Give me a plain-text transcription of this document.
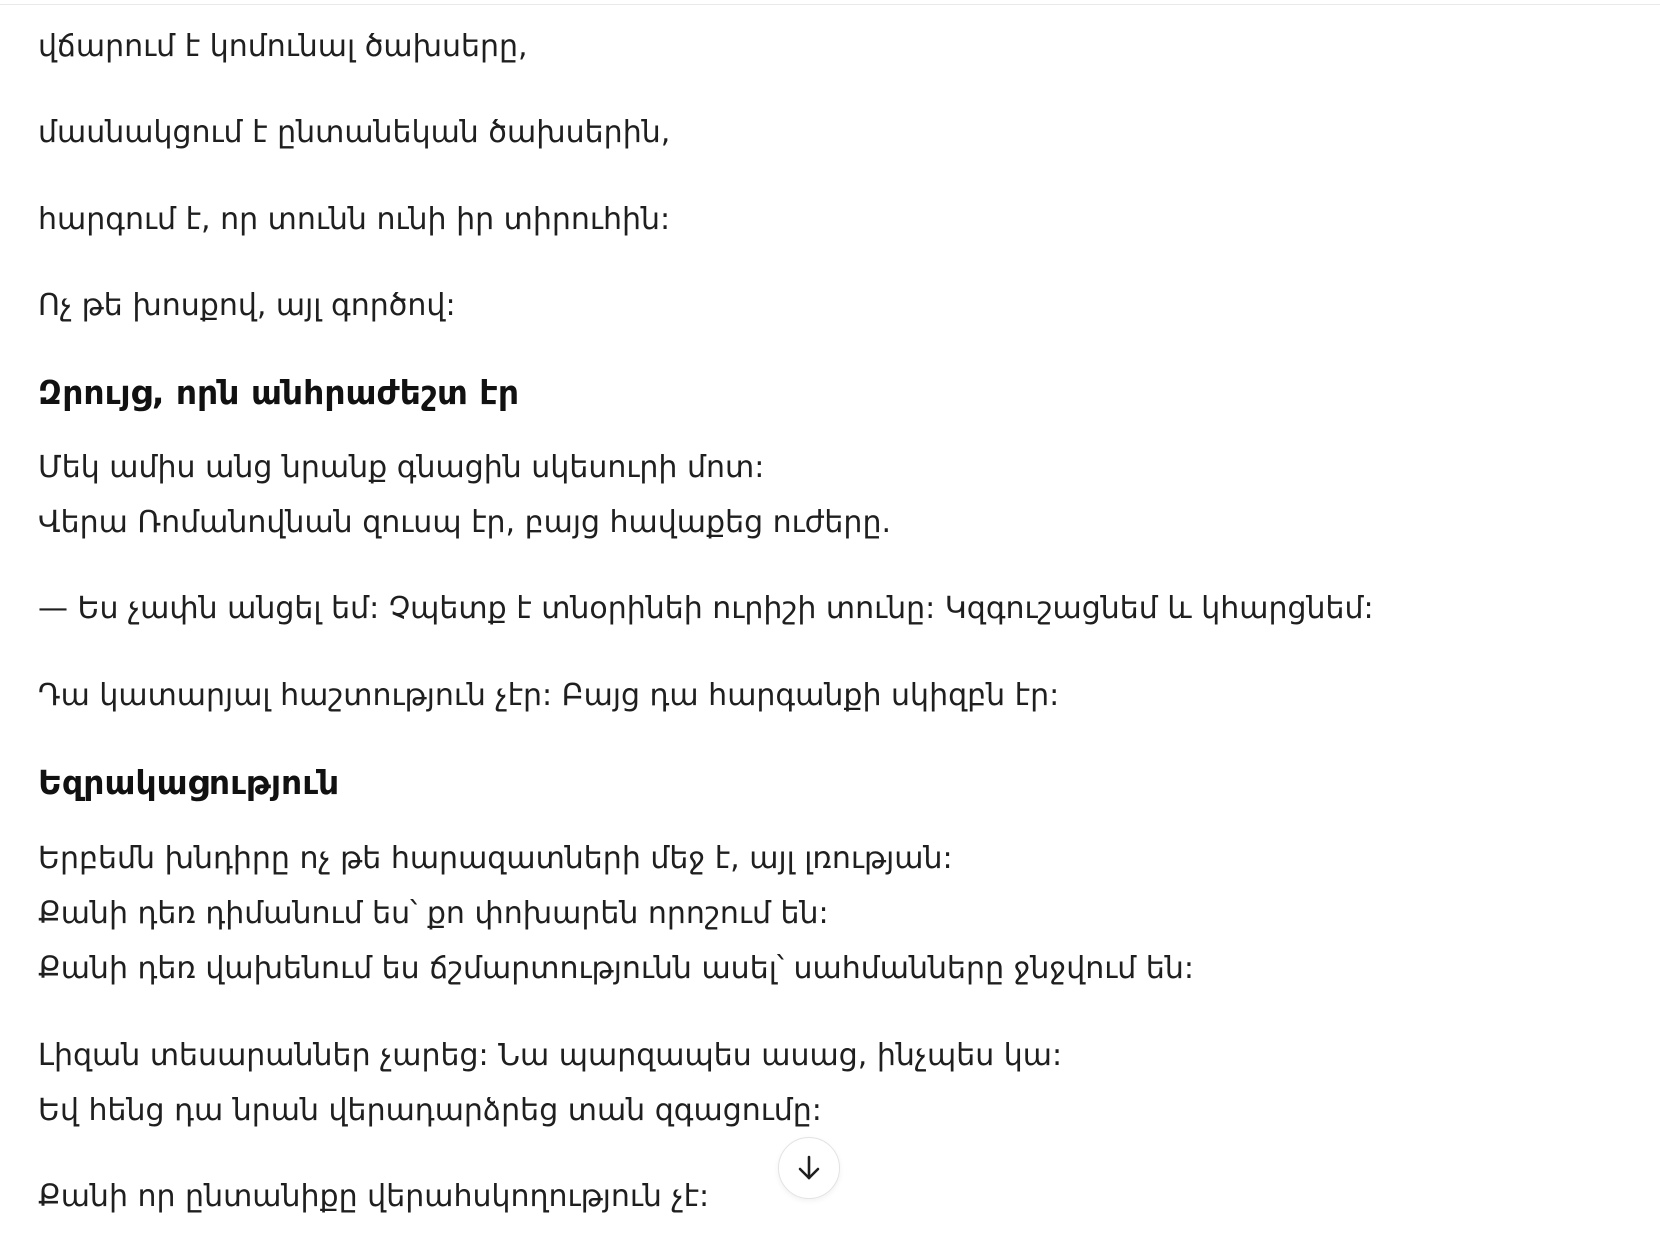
վճարում է կոմունալ ծախսերը,
մասնակցում է ընտանեկան ծախսերին,
հարգում է, որ տունն ունի իր տիրուհին:
Ոչ թե խոսքով, այլ գործով:
Զրույց, որն անհրաժեշտ էր
Մեկ ամիս անց նրանք գնացին սկեսուրի մոտ:
Վերա Ռոմանովնան զուսպ էր, բայց հավաքեց ուժերը.
— Ես չափն անցել եմ: Չպետք է տնօրինեի ուրիշի տունը: Կզգուշացնեմ և կհարցնեմ:
Դա կատարյալ հաշտություն չէր: Բայց դա հարգանքի սկիզբն էր:
Եզրակացություն
Երբեմն խնդիրը ոչ թե հարազատների մեջ է, այլ լռության:
Քանի դեռ դիմանում ես՝ քո փոխարեն որոշում են:
Քանի դեռ վախենում ես ճշմարտությունն ասել՝ սահմանները ջնջվում են:
Լիզան տեսարաններ չարեց: Նա պարզապես ասաց, ինչպես կա:
Եվ հենց դա նրան վերադարձրեց տան զգացումը:
Քանի որ ընտանիքը վերահսկողություն չէ:
